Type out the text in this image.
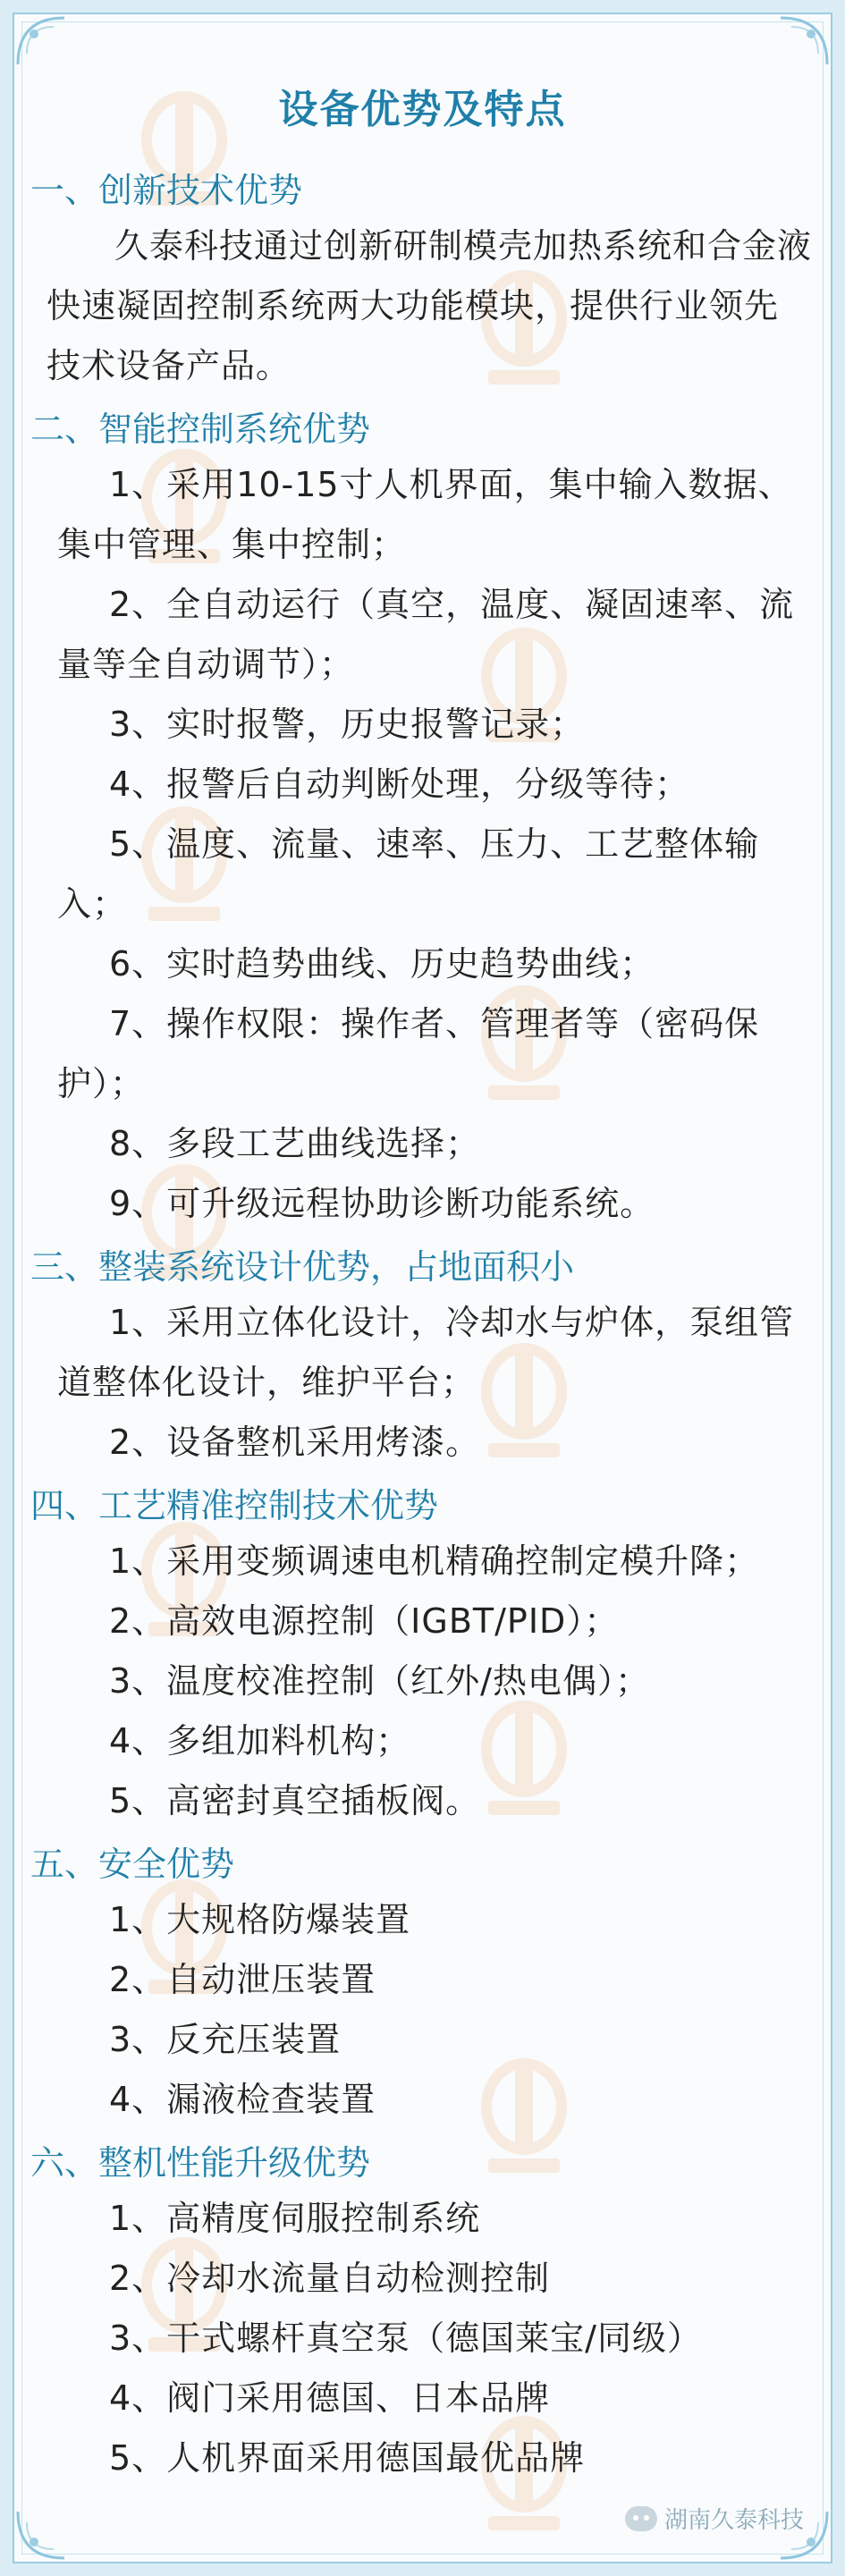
设备优势及特点
一、创新技术优势
久泰科技通过创新研制模壳加热系统和合金液快速凝固控制系统两大功能模块，提供行业领先技术设备产品。
二、智能控制系统优势
1、采用10-15寸人机界面，集中输入数据、集中管理、集中控制；
2、全自动运行（真空，温度、凝固速率、流量等全自动调节）；
3、实时报警，历史报警记录；
4、报警后自动判断处理，分级等待；
5、温度、流量、速率、压力、工艺整体输入；
6、实时趋势曲线、历史趋势曲线；
7、操作权限：操作者、管理者等（密码保护）；
8、多段工艺曲线选择；
9、可升级远程协助诊断功能系统。
三、整装系统设计优势，占地面积小
1、采用立体化设计，冷却水与炉体，泵组管道整体化设计，维护平台；
2、设备整机采用烤漆。
四、工艺精准控制技术优势
1、采用变频调速电机精确控制定模升降；
2、高效电源控制（IGBT/PID）；
3、温度校准控制（红外/热电偶）；
4、多组加料机构；
5、高密封真空插板阀。
五、安全优势
1、大规格防爆装置
2、自动泄压装置
3、反充压装置
4、漏液检查装置
六、整机性能升级优势
1、高精度伺服控制系统
2、冷却水流量自动检测控制
3、干式螺杆真空泵（德国莱宝/同级）
4、阀门采用德国、日本品牌
5、人机界面采用德国最优品牌
湖南久泰科技
